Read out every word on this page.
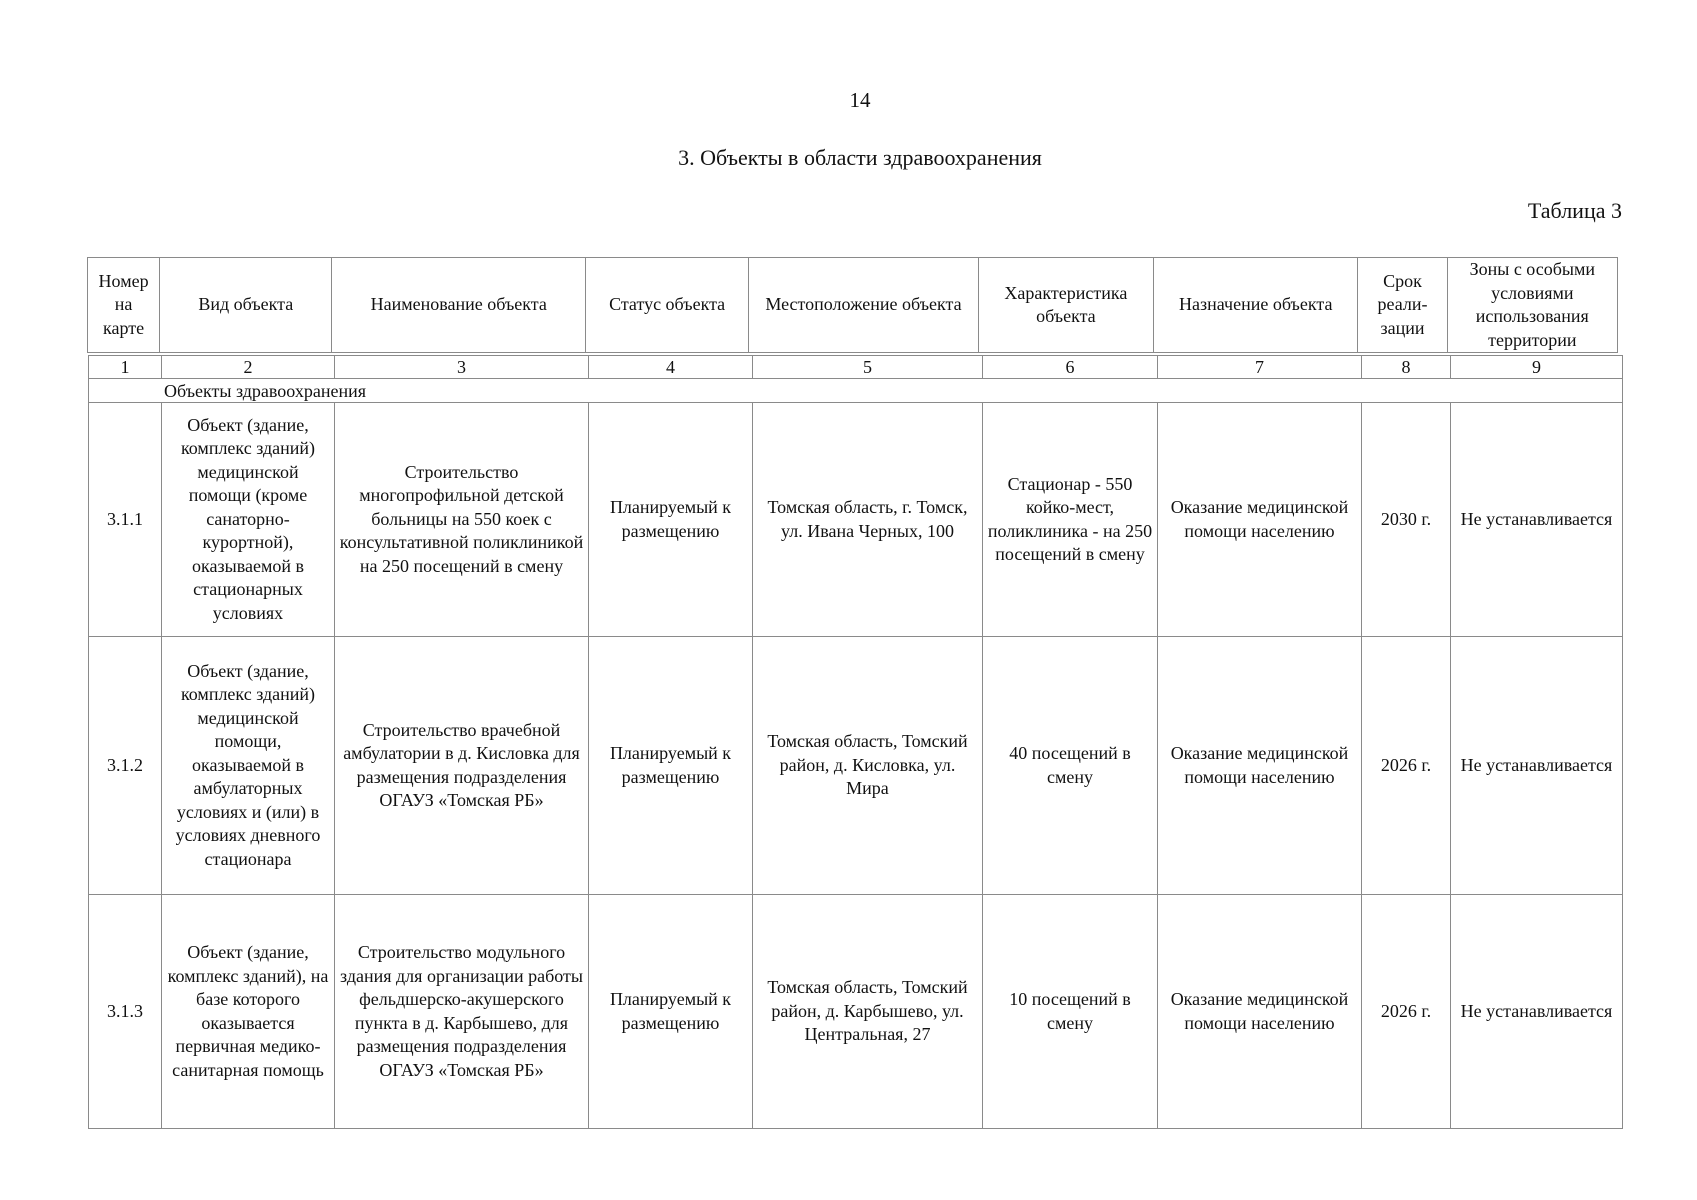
14
3. Объекты в области здравоохранения
Таблица 3
Номер на карте	Вид объекта	Наименование объекта	Статус объекта	Местоположение объекта	Характеристика объекта	Назначение объекта	Срок реали-зации	Зоны с особыми условиями использования территории
1	2	3	4	5	6	7	8	9
Объекты здравоохранения								
3.1.1	Объект (здание, комплекс зданий) медицинской помощи (кроме санаторно-курортной), оказываемой в стационарных условиях	Строительство многопрофильной детской больницы на 550 коек с консультативной поликлиникой на 250 посещений в смену	Планируемый к размещению	Томская область, г. Томск, ул. Ивана Черных, 100	Стационар - 550 койко-мест, поликлиника - на 250 посещений в смену	Оказание медицинской помощи населению	2030 г.	Не устанавливается
3.1.2	Объект (здание, комплекс зданий) медицинской помощи, оказываемой в амбулаторных условиях и (или) в условиях дневного стационара	Строительство врачебной амбулатории в д. Кисловка для размещения подразделения ОГАУЗ «Томская РБ»	Планируемый к размещению	Томская область, Томский район, д. Кисловка, ул. Мира	40 посещений в смену	Оказание медицинской помощи населению	2026 г.	Не устанавливается
3.1.3	Объект (здание, комплекс зданий), на базе которого оказывается первичная медико-санитарная помощь	Строительство модульного здания для организации работы фельдшерско-акушерского пункта в д. Карбышево, для размещения подразделения ОГАУЗ «Томская РБ»	Планируемый к размещению	Томская область, Томский район, д. Карбышево, ул. Центральная, 27	10 посещений в смену	Оказание медицинской помощи населению	2026 г.	Не устанавливается
